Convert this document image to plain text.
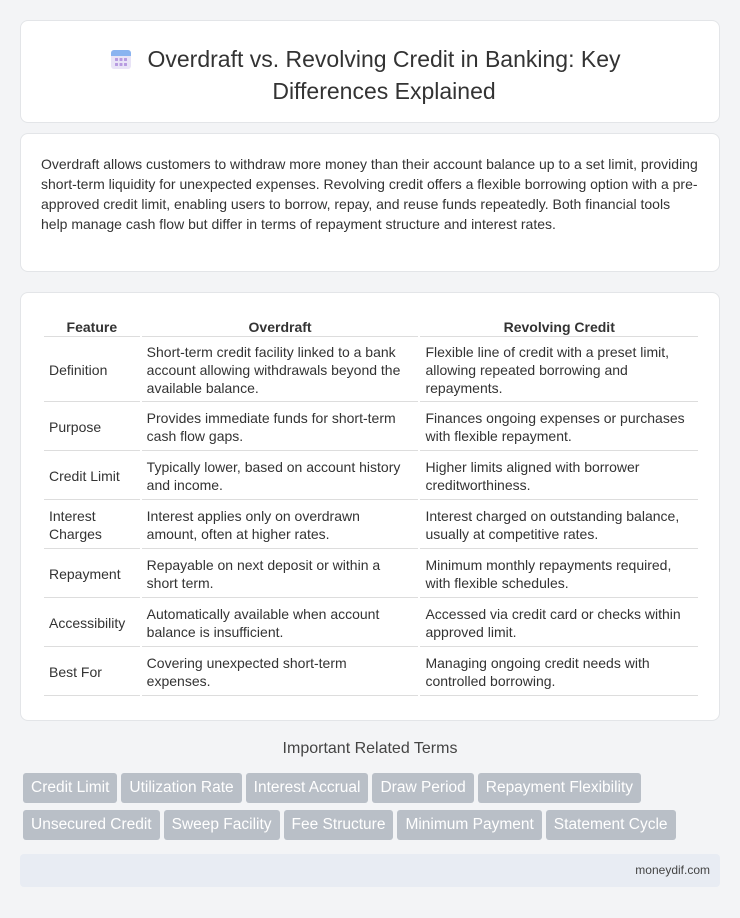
Overdraft vs. Revolving Credit in Banking: Key Differences Explained

Overdraft allows customers to withdraw more money than their account balance up to a set limit, providing short-term liquidity for unexpected expenses. Revolving credit offers a flexible borrowing option with a pre-approved credit limit, enabling users to borrow, repay, and reuse funds repeatedly. Both financial tools help manage cash flow but differ in terms of repayment structure and interest rates.

Feature	Overdraft	Revolving Credit
Definition	Short-term credit facility linked to a bank account allowing withdrawals beyond the available balance.	Flexible line of credit with a preset limit, allowing repeated borrowing and repayments.
Purpose	Provides immediate funds for short-term cash flow gaps.	Finances ongoing expenses or purchases with flexible repayment.
Credit Limit	Typically lower, based on account history and income.	Higher limits aligned with borrower creditworthiness.
Interest Charges	Interest applies only on overdrawn amount, often at higher rates.	Interest charged on outstanding balance, usually at competitive rates.
Repayment	Repayable on next deposit or within a short term.	Minimum monthly repayments required, with flexible schedules.
Accessibility	Automatically available when account balance is insufficient.	Accessed via credit card or checks within approved limit.
Best For	Covering unexpected short-term expenses.	Managing ongoing credit needs with controlled borrowing.
Important Related Terms
Credit Limit Utilization Rate Interest Accrual Draw Period Repayment FlexibilityUnsecured Credit Sweep Facility Fee Structure Minimum Payment Statement Cycle
moneydif.com
